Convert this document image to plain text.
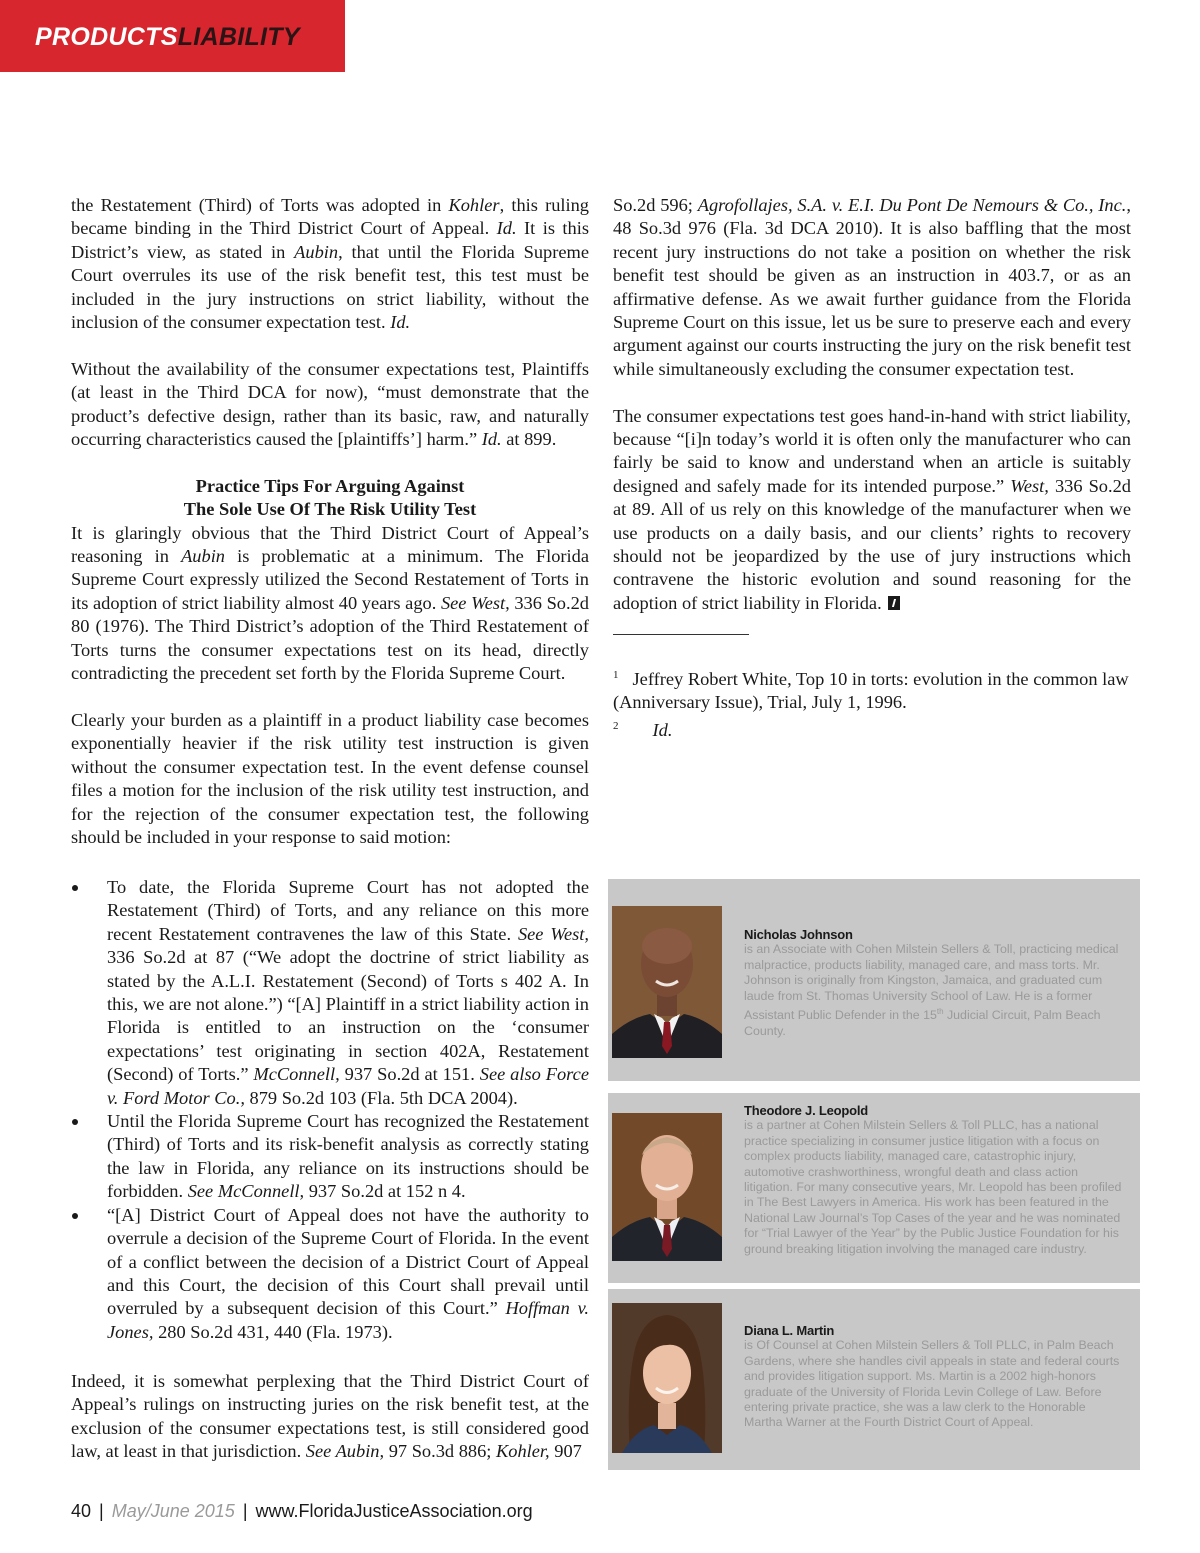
PRODUCTSLIABILITY

the Restatement (Third) of Torts was adopted in Kohler, this ruling became binding in the Third District Court of Appeal. Id. It is this District’s view, as stated in Aubin, that until the Florida Supreme Court overrules its use of the risk benefit test, this test must be included in the jury instructions on strict liability, without the inclusion of the consumer expectation test. Id.

Without the availability of the consumer expectations test, Plaintiffs (at least in the Third DCA for now), “must demonstrate that the product’s defective design, rather than its basic, raw, and naturally occurring characteristics caused the [plaintiffs’] harm.” Id. at 899.

Practice Tips For Arguing Against
The Sole Use Of The Risk Utility Test

It is glaringly obvious that the Third District Court of Appeal’s reasoning in Aubin is problematic at a minimum. The Florida Supreme Court expressly utilized the Second Restatement of Torts in its adoption of strict liability almost 40 years ago. See West, 336 So.2d 80 (1976). The Third District’s adoption of the Third Restatement of Torts turns the consumer expectations test on its head, directly contradicting the precedent set forth by the Florida Supreme Court.

Clearly your burden as a plaintiff in a product liability case becomes exponentially heavier if the risk utility test instruction is given without the consumer expectation test. In the event defense counsel files a motion for the inclusion of the risk utility test instruction, and for the rejection of the consumer expectation test, the following should be included in your response to said motion:

To date, the Florida Supreme Court has not adopted the Restatement (Third) of Torts, and any reliance on this more recent Restatement contravenes the law of this State. See West, 336 So.2d at 87 (“We adopt the doctrine of strict liability as stated by the A.L.I. Restatement (Second) of Torts s 402 A. In this, we are not alone.”) “[A] Plaintiff in a strict liability action in Florida is entitled to an instruction on the ‘consumer expectations’ test originating in section 402A, Restatement (Second) of Torts.” McConnell, 937 So.2d at 151. See also Force v. Ford Motor Co., 879 So.2d 103 (Fla. 5th DCA 2004).
Until the Florida Supreme Court has recognized the Restatement (Third) of Torts and its risk-benefit analysis as correctly stating the law in Florida, any reliance on its instructions should be forbidden. See McConnell, 937 So.2d at 152 n 4.
“[A] District Court of Appeal does not have the authority to overrule a decision of the Supreme Court of Florida. In the event of a conflict between the decision of a District Court of Appeal and this Court, the decision of this Court shall prevail until overruled by a subsequent decision of this Court.” Hoffman v. Jones, 280 So.2d 431, 440 (Fla. 1973).

Indeed, it is somewhat perplexing that the Third District Court of Appeal’s rulings on instructing juries on the risk benefit test, at the exclusion of the consumer expectations test, is still considered good law, at least in that jurisdiction. See Aubin, 97 So.3d 886; Kohler, 907

So.2d 596; Agrofollajes, S.A. v. E.I. Du Pont De Nemours & Co., Inc., 48 So.3d 976 (Fla. 3d DCA 2010). It is also baffling that the most recent jury instructions do not take a position on whether the risk benefit test should be given as an instruction in 403.7, or as an affirmative defense. As we await further guidance from the Florida Supreme Court on this issue, let us be sure to preserve each and every argument against our courts instructing the jury on the risk benefit test while simultaneously excluding the consumer expectation test.

The consumer expectations test goes hand-in-hand with strict liability, because “[i]n today’s world it is often only the manufacturer who can fairly be said to know and understand when an article is suitably designed and safely made for its intended purpose.” West, 336 So.2d at 89. All of us rely on this knowledge of the manufacturer when we use products on a daily basis, and our clients’ rights to recovery should not be jeopardized by the use of jury instructions which contravene the historic evolution and sound reasoning for the adoption of strict liability in Florida.

$^1$ Jeffrey Robert White, Top 10 in torts: evolution in the common law (Anniversary Issue), Trial, July 1, 1996.

$^2$ Id.

Nicholas Johnson
is an Associate with Cohen Milstein Sellers & Toll, practicing medical malpractice, products liability, managed care, and mass torts. Mr. Johnson is originally from Kingston, Jamaica, and graduated cum laude from St. Thomas University School of Law. He is a former Assistant Public Defender in the 15th Judicial Circuit, Palm Beach County.
Theodore J. Leopold
is a partner at Cohen Milstein Sellers & Toll PLLC, has a national practice specializing in consumer justice litigation with a focus on complex products liability, managed care, catastrophic injury, automotive crashworthiness, wrongful death and class action litigation. For many consecutive years, Mr. Leopold has been profiled in The Best Lawyers in America. His work has been featured in the National Law Journal’s Top Cases of the year and he was nominated for “Trial Lawyer of the Year” by the Public Justice Foundation for his ground breaking litigation involving the managed care industry.
Diana L. Martin
is Of Counsel at Cohen Milstein Sellers & Toll PLLC, in Palm Beach Gardens, where she handles civil appeals in state and federal courts and provides litigation support. Ms. Martin is a 2002 high-honors graduate of the University of Florida Levin College of Law. Before entering private practice, she was a law clerk to the Honorable Martha Warner at the Fourth District Court of Appeal.
40 | May/June 2015 | www.FloridaJusticeAssociation.org
